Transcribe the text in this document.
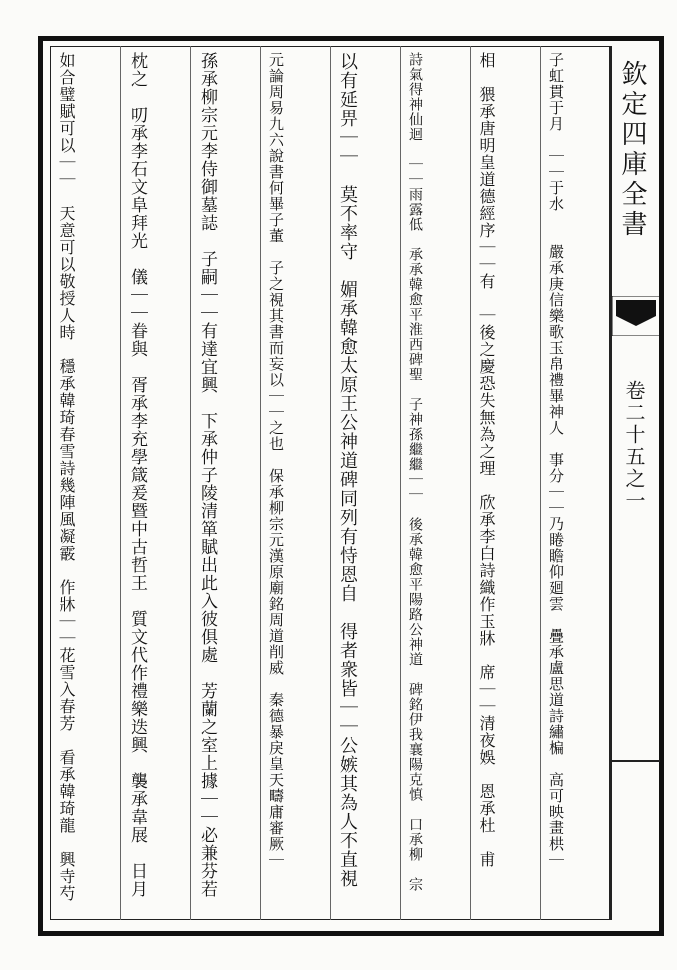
欽定四庫全書
卷二十五之一
子虹貫于月　｜｜于水　　嚴承庚信樂歌玉帛禮畢神人　事分｜｜乃睠瞻仰廻雲　疊承盧思道詩繡楄　高可映畫栱｜
相　猥承唐明皇道德經序｜｜有　｜後之慶恐失無為之理　欣承李白詩織作玉牀　席｜｜清夜娛　恩承杜　甫
詩氣得神仙迴　｜｜雨露低　承承韓愈平淮西碑聖　子神孫繼繼｜｜　後承韓愈平陽路公神道　碑銘伊我襄陽克慎　口承柳　宗
以有延畀｜｜　莫不率守　媚承韓愈太原王公神道碑同列有恃恩自　得者衆皆｜｜公嫉其為人不直視
元論周易九六說書何畢子董　子之視其書而妄以｜｜之也　保承柳宗元漢原廟銘周道削威　秦德暴戾皇天疇庸審厥｜
孫承柳宗元李侍御墓誌　子嗣｜｜有達宜興　下承仲子陵清箪賦出此入彼俱處　芳蘭之室上據｜｜必兼芬若
枕之　叨承李石文阜拜光　儀｜｜眷與　胥承李充學箴爰暨中古哲王　質文代作禮樂迭興　襲承韋展　日月
如合璧賦可以｜｜　天意可以敬授人時　穩承韓琦春雪詩幾陣風凝霰　作牀｜｜花雪入春芳　看承韓琦龍　興寺芍
